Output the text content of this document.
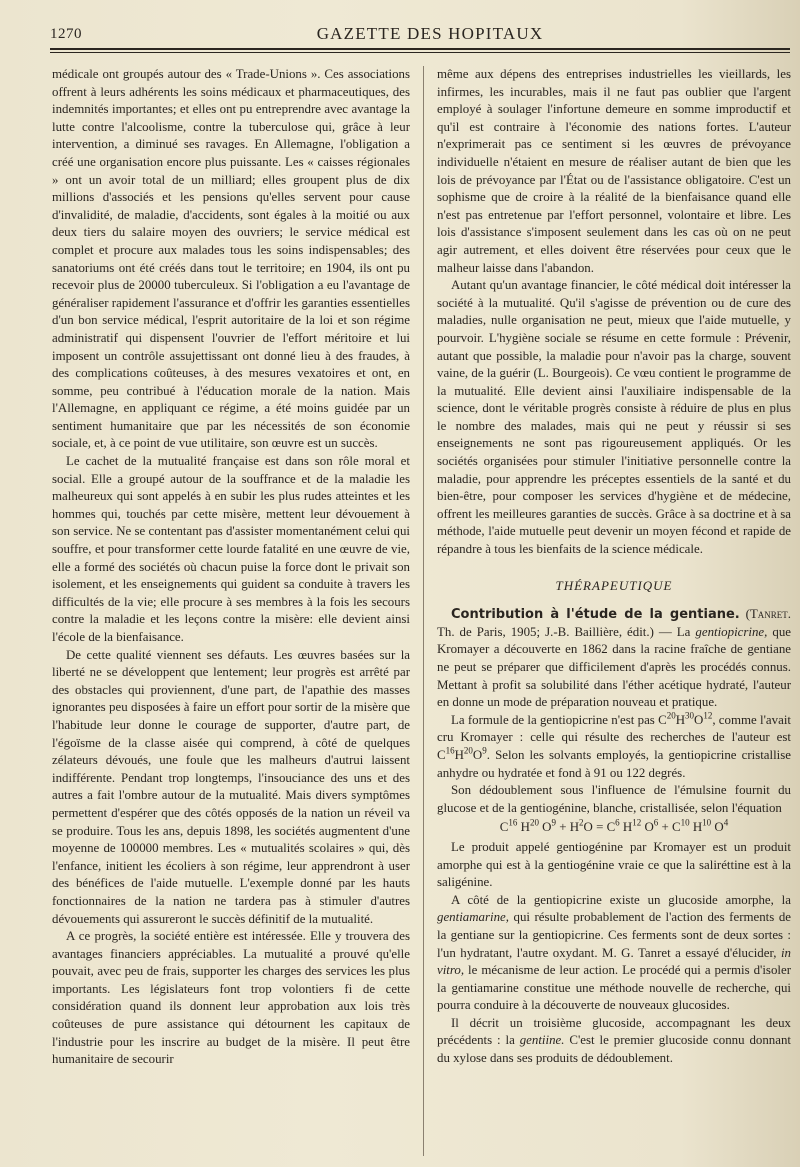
1270	GAZETTE DES HOPITAUX

médicale ont groupés autour des « Trade-Unions ». Ces associations offrent à leurs adhérents les soins médicaux et pharmaceutiques, des indemnités importantes; et elles ont pu entreprendre avec avantage la lutte contre l'alcoolisme, contre la tuberculose qui, grâce à leur intervention, a diminué ses ravages. En Allemagne, l'obligation a créé une organisation encore plus puissante. Les « caisses régionales » ont un avoir total de un milliard; elles groupent plus de dix millions d'associés et les pensions qu'elles servent pour cause d'invalidité, de maladie, d'accidents, sont égales à la moitié ou aux deux tiers du salaire moyen des ouvriers; le service médical est complet et procure aux malades tous les soins indispensables; des sanatoriums ont été créés dans tout le territoire; en 1904, ils ont pu recevoir plus de 20000 tuberculeux. Si l'obligation a eu l'avantage de généraliser rapidement l'assurance et d'offrir les garanties essentielles d'un bon service médical, l'esprit autoritaire de la loi et son régime administratif qui dispensent l'ouvrier de l'effort méritoire et lui imposent un contrôle assujettissant ont donné lieu à des fraudes, à des complications coûteuses, à des mesures vexatoires et ont, en somme, peu contribué à l'éducation morale de la nation. Mais l'Allemagne, en appliquant ce régime, a été moins guidée par un sentiment humanitaire que par les nécessités de son économie sociale, et, à ce point de vue utilitaire, son œuvre est un succès.

Le cachet de la mutualité française est dans son rôle moral et social. Elle a groupé autour de la souffrance et de la maladie les malheureux qui sont appelés à en subir les plus rudes atteintes et les hommes qui, touchés par cette misère, mettent leur dévouement à son service. Ne se contentant pas d'assister momentanément celui qui souffre, et pour transformer cette lourde fatalité en une œuvre de vie, elle a formé des sociétés où chacun puise la force dont le privait son isolement, et les enseignements qui guident sa conduite à travers les difficultés de la vie; elle procure à ses membres à la fois les secours contre la maladie et les leçons contre la misère: elle devient ainsi l'école de la bienfaisance.

De cette qualité viennent ses défauts. Les œuvres basées sur la liberté ne se développent que lentement; leur progrès est arrêté par des obstacles qui proviennent, d'une part, de l'apathie des masses ignorantes peu disposées à faire un effort pour sortir de la misère que l'habitude leur donne le courage de supporter, d'autre part, de l'égoïsme de la classe aisée qui comprend, à côté de quelques zélateurs dévoués, une foule que les malheurs d'autrui laissent indifférente. Pendant trop longtemps, l'insouciance des uns et des autres a fait l'ombre autour de la mutualité. Mais divers symptômes permettent d'espérer que des côtés opposés de la nation un réveil va se produire. Tous les ans, depuis 1898, les sociétés augmentent d'une moyenne de 100000 membres. Les « mutualités scolaires » qui, dès l'enfance, initient les écoliers à son régime, leur apprendront à user des bénéfices de l'aide mutuelle. L'exemple donné par les hauts fonctionnaires de la nation ne tardera pas à stimuler d'autres dévouements qui assureront le succès définitif de la mutualité.

A ce progrès, la société entière est intéressée. Elle y trouvera des avantages financiers appréciables. La mutualité a prouvé qu'elle pouvait, avec peu de frais, supporter les charges des services les plus importants. Les législateurs font trop volontiers fi de cette considération quand ils donnent leur approbation aux lois très coûteuses de pure assistance qui détournent les capitaux de l'industrie pour les inscrire au budget de la misère. Il peut être humanitaire de secourir

même aux dépens des entreprises industrielles les vieillards, les infirmes, les incurables, mais il ne faut pas oublier que l'argent employé à soulager l'infortune demeure en somme improductif et qu'il est contraire à l'économie des nations fortes. L'auteur n'exprimerait pas ce sentiment si les œuvres de prévoyance individuelle n'étaient en mesure de réaliser autant de bien que les lois de prévoyance par l'État ou de l'assistance obligatoire. C'est un sophisme que de croire à la réalité de la bienfaisance quand elle n'est pas entretenue par l'effort personnel, volontaire et libre. Les lois d'assistance s'imposent seulement dans les cas où on ne peut agir autrement, et elles doivent être réservées pour ceux que le malheur laisse dans l'abandon.

Autant qu'un avantage financier, le côté médical doit intéresser la société à la mutualité. Qu'il s'agisse de prévention ou de cure des maladies, nulle organisation ne peut, mieux que l'aide mutuelle, y pourvoir. L'hygiène sociale se résume en cette formule : Prévenir, autant que possible, la maladie pour n'avoir pas la charge, souvent vaine, de la guérir (L. Bourgeois). Ce vœu contient le programme de la mutualité. Elle devient ainsi l'auxiliaire indispensable de la science, dont le véritable progrès consiste à réduire de plus en plus le nombre des malades, mais qui ne peut y réussir si ses enseignements ne sont pas rigoureusement appliqués. Or les sociétés organisées pour stimuler l'initiative personnelle contre la maladie, pour apprendre les préceptes essentiels de la santé et du bien-être, pour composer les services d'hygiène et de médecine, offrent les meilleures garanties de succès. Grâce à sa doctrine et à sa méthode, l'aide mutuelle peut devenir un moyen fécond et rapide de répandre à tous les bienfaits de la science médicale.

THÉRAPEUTIQUE

Contribution à l'étude de la gentiane. (Tanret. Th. de Paris, 1905; J.-B. Baillière, édit.) — La gentiopicrine, que Kromayer a découverte en 1862 dans la racine fraîche de gentiane ne peut se préparer que difficilement d'après les procédés connus. Mettant à profit sa solubilité dans l'éther acétique hydraté, l'auteur en donne un mode de préparation nouveau et pratique.

La formule de la gentiopicrine n'est pas $C^{20}H^{30}O^{12}$, comme l'avait cru Kromayer : celle qui résulte des recherches de l'auteur est $C^{16}H^{20}O^9$. Selon les solvants employés, la gentiopicrine cristallise anhydre ou hydratée et fond à 91 ou 122 degrés.

Son dédoublement sous l'influence de l'émulsine fournit du glucose et de la gentiogénine, blanche, cristallisée, selon l'équation

$C^{16}$ $H^{20}$ $O^9 + H^2O = C^6$ $H^{12}$ $O^6 + C^{10}$ $H^{10}$ $O^4$

Le produit appelé gentiogénine par Kromayer est un produit amorphe qui est à la gentiogénine vraie ce que la saliréttine est à la saligénine.

A côté de la gentiopicrine existe un glucoside amorphe, la gentiamarine, qui résulte probablement de l'action des ferments de la gentiane sur la gentiopicrine. Ces ferments sont de deux sortes : l'un hydratant, l'autre oxydant. M. G. Tanret a essayé d'élucider, in vitro, le mécanisme de leur action. Le procédé qui a permis d'isoler la gentiamarine constitue une méthode nouvelle de recherche, qui pourra conduire à la découverte de nouveaux glucosides.

Il décrit un troisième glucoside, accompagnant les deux précédents : la gentiine. C'est le premier glucoside connu donnant du xylose dans ses produits de dédoublement.
